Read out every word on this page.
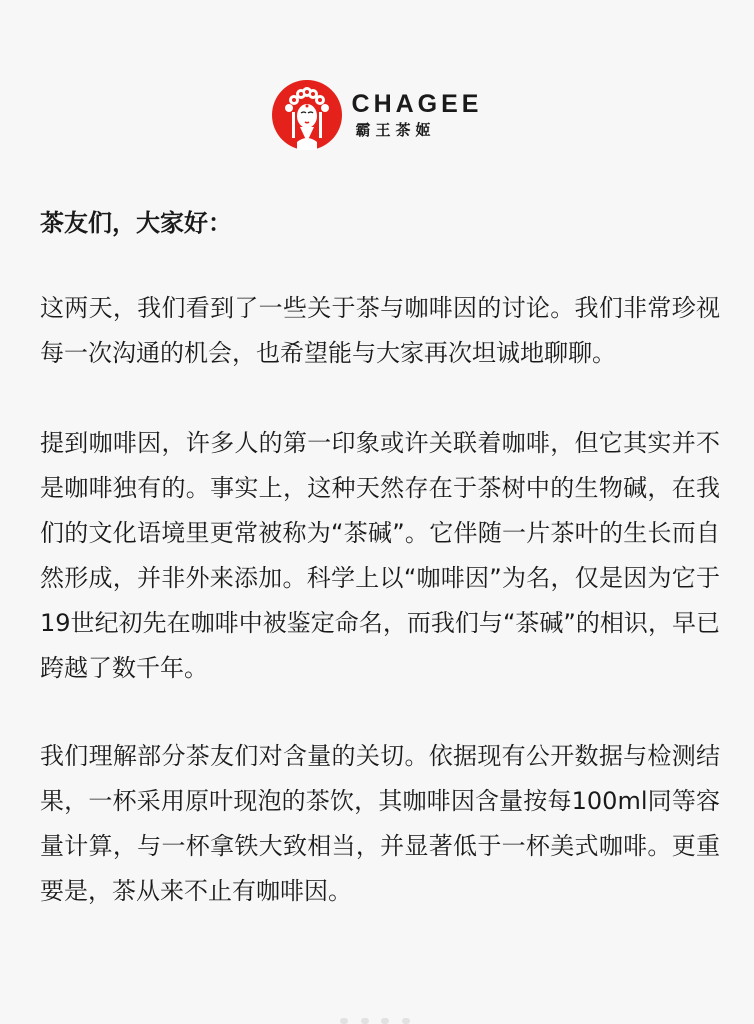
CHAGEE
霸王茶姬

茶友们，大家好：

这两天，我们看到了一些关于茶与咖啡因的讨论。我们非常珍视每一次沟通的机会，也希望能与大家再次坦诚地聊聊。

提到咖啡因，许多人的第一印象或许关联着咖啡，但它其实并不是咖啡独有的。事实上，这种天然存在于茶树中的生物碱，在我们的文化语境里更常被称为“茶碱”。它伴随一片茶叶的生长而自然形成，并非外来添加。科学上以“咖啡因”为名，仅是因为它于19世纪初先在咖啡中被鉴定命名，而我们与“茶碱”的相识，早已跨越了数千年。

我们理解部分茶友们对含量的关切。依据现有公开数据与检测结果，一杯采用原叶现泡的茶饮，其咖啡因含量按每100ml同等容量计算，与一杯拿铁大致相当，并显著低于一杯美式咖啡。更重要是，茶从来不止有咖啡因。
